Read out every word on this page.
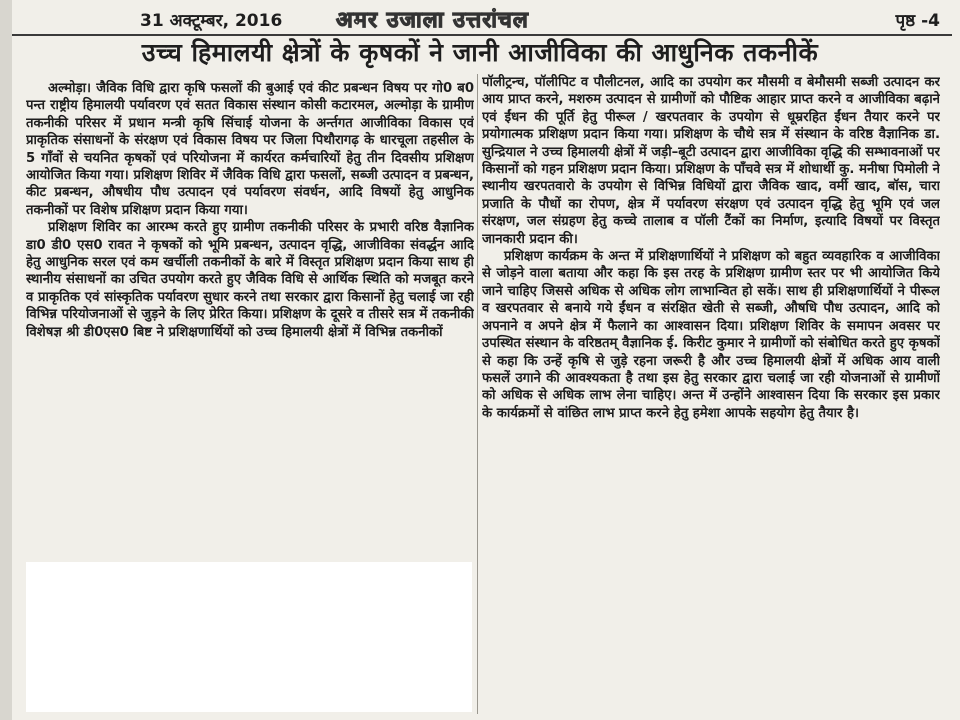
31 अक्टूम्बर, 2016 अमर उजाला उत्तरांचल	पृष्ठ -4
उच्च हिमालयी क्षेत्रों के कृषकों ने जानी आजीविका की आधुनिक तकनीकें

अल्मोड़ा। जैविक विधि द्वारा कृषि फसलों की बुआई एवं कीट प्रबन्धन विषय पर गो0 ब0 पन्त राष्ट्रीय हिमालयी पर्यावरण एवं सतत विकास संस्थान कोसी कटारमल, अल्मोड़ा के ग्रामीण तकनीकी परिसर में प्रधान मन्त्री कृषि सिंचाई योजना के अर्न्तगत आजीविका विकास एवं प्राकृतिक संसाधनों के संरक्षण एवं विकास विषय पर जिला पिथौरागढ़ के धारचूला तहसील के 5 गाँवों से चयनित कृषकों एवं परियोजना में कार्यरत कर्मचारियों हेतु तीन दिवसीय प्रशिक्षण आयोजित किया गया। प्रशिक्षण शिविर में जैविक विधि द्वारा फसलों, सब्जी उत्पादन व प्रबन्धन, कीट प्रबन्धन, औषधीय पौध उत्पादन एवं पर्यावरण संवर्धन, आदि विषयों हेतु आधुनिक तकनीकों पर विशेष प्रशिक्षण प्रदान किया गया।

प्रशिक्षण शिविर का आरम्भ करते हुए ग्रामीण तकनीकी परिसर के प्रभारी वरिष्ठ वैज्ञानिक डा0 डी0 एस0 रावत ने कृषकों को भूमि प्रबन्धन, उत्पादन वृद्धि, आजीविका संवर्द्धन आदि हेतु आधुनिक सरल एवं कम खर्चीली तकनीकों के बारे में विस्तृत प्रशिक्षण प्रदान किया साथ ही स्थानीय संसाधनों का उचित उपयोग करते हुए जैविक विधि से आर्थिक स्थिति को मजबूत करने व प्राकृतिक एवं सांस्कृतिक पर्यावरण सुधार करने तथा सरकार द्वारा किसानों हेतु चलाई जा रही विभिन्न परियोजनाओं से जुड़ने के लिए प्रेरित किया। प्रशिक्षण के दूसरे व तीसरे सत्र में तकनीकी विशेषज्ञ श्री डी0एस0 बिष्ट ने प्रशिक्षणार्थियों को उच्च हिमालयी क्षेत्रों में विभिन्न तकनीकों

पॉलीट्रन्च, पॉलीपिट व पौलीटनल, आदि का उपयोग कर मौसमी व बेमौसमी सब्जी उत्पादन कर आय प्राप्त करने, मशरुम उत्पादन से ग्रामीणों को पौष्टिक आहार प्राप्त करने व आजीविका बढ़ाने एवं ईंधन की पूर्ति हेतु पीरूल / खरपतवार के उपयोग से धूम्ररहित ईंधन तैयार करने पर प्रयोगात्मक प्रशिक्षण प्रदान किया गया। प्रशिक्षण के चौथे सत्र में संस्थान के वरिष्ठ वैज्ञानिक डा. सुन्द्रियाल ने उच्च हिमालयी क्षेत्रों में जड़ी–बूटी उत्पादन द्वारा आजीविका वृद्धि की सम्भावनाओं पर किसानों को गहन प्रशिक्षण प्रदान किया। प्रशिक्षण के पाँचवे सत्र में शोधार्थी कु. मनीषा पिमोली ने स्थानीय खरपतवारो के उपयोग से विभिन्न विधियों द्वारा जैविक खाद, वर्मी खाद, बॉस, चारा प्रजाति के पौधों का रोपण, क्षेत्र में पर्यावरण संरक्षण एवं उत्पादन वृद्धि हेतु भूमि एवं जल संरक्षण, जल संग्रहण हेतु कच्चे तालाब व पॉली टैंकों का निर्माण, इत्यादि विषयों पर विस्तृत जानकारी प्रदान की।

प्रशिक्षण कार्यक्रम के अन्त में प्रशिक्षणार्थियों ने प्रशिक्षण को बहुत व्यवहारिक व आजीविका से जोड़ने वाला बताया और कहा कि इस तरह के प्रशिक्षण ग्रामीण स्तर पर भी आयोजित किये जाने चाहिए जिससे अधिक से अधिक लोग लाभान्वित हो सकें। साथ ही प्रशिक्षणार्थियों ने पीरूल व खरपतवार से बनाये गये ईंधन व संरक्षित खेती से सब्जी, औषधि पौध उत्पादन, आदि को अपनाने व अपने क्षेत्र में फैलाने का आश्वासन दिया। प्रशिक्षण शिविर के समापन अवसर पर उपस्थित संस्थान के वरिष्ठतम् वैज्ञानिक ई. किरीट कुमार ने ग्रामीणों को संबोधित करते हुए कृषकों से कहा कि उन्हें कृषि से जुड़े रहना जरूरी है और उच्च हिमालयी क्षेत्रों में अधिक आय वाली फसलें उगाने की आवश्यकता है तथा इस हेतु सरकार द्वारा चलाई जा रही योजनाओं से ग्रामीणों को अधिक से अधिक लाभ लेना चाहिए। अन्त में उन्होंने आश्वासन दिया कि सरकार इस प्रकार के कार्यक्रमों से वांछित लाभ प्राप्त करने हेतु हमेशा आपके सहयोग हेतु तैयार है।
